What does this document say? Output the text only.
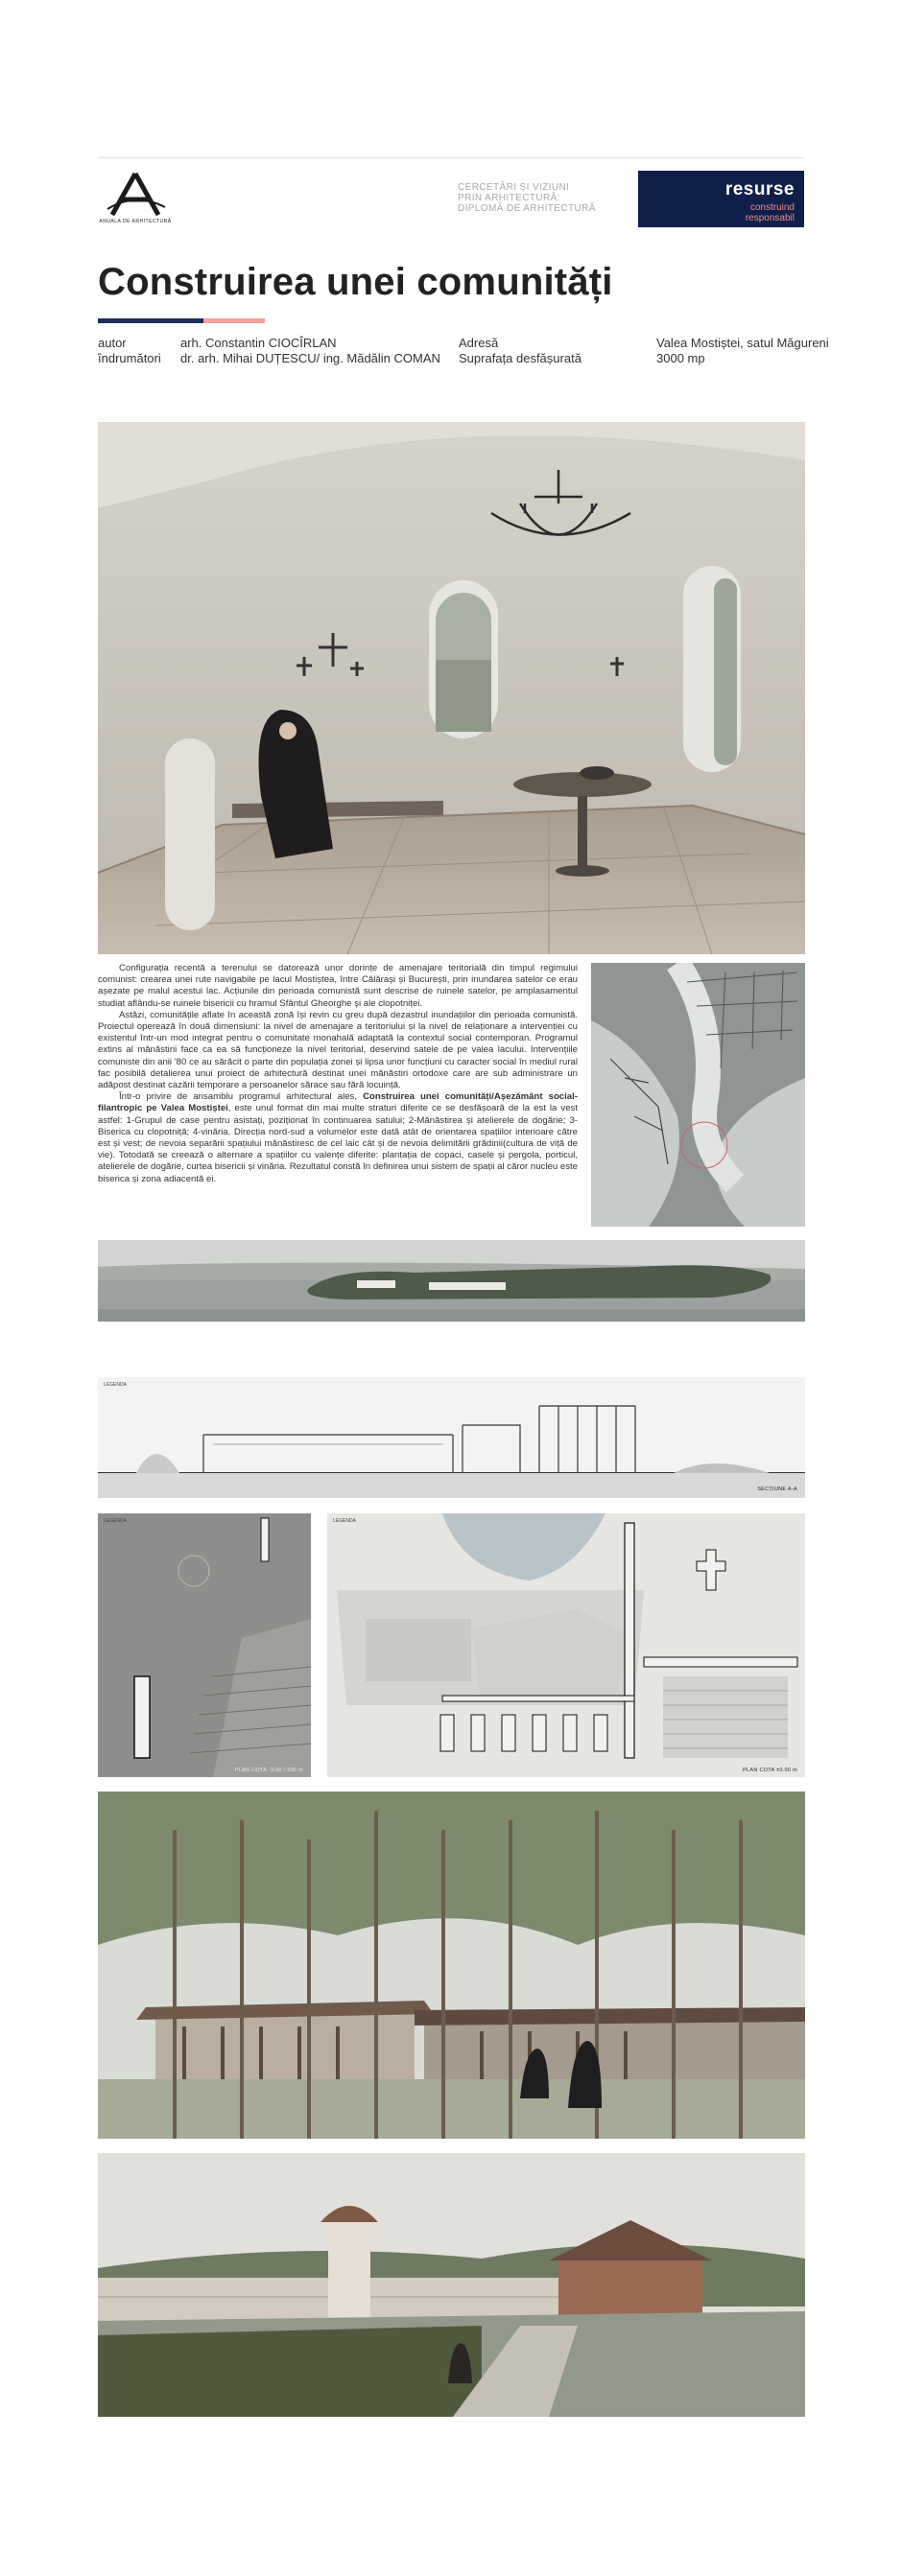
ANUALA DE ARHITECTURĂ
CERCETĂRI ȘI VIZIUNI
PRIN ARHITECTURĂ:
DIPLOMĂ DE ARHITECTURĂ
resurse
construind
responsabil
Construirea unei comunități
autor
îndrumători
arh. Constantin CIOCÎRLAN
dr. arh. Mihai DUȚESCU/ ing. Mădălin COMAN
Adresă
Suprafața desfășurată
Valea Mostiștei, satul Măgureni
3000 mp

Configurația recentă a terenului se datorează unor dorințe de amenajare teritorială din timpul regimului comunist: crearea unei rute navigabile pe lacul Mostiștea, între Călărași și București, prin inundarea satelor ce erau așezate pe malul acestui lac. Acțiunile din perioada comunistă sunt descrise de ruinele satelor, pe amplasamentul studiat aflându-se ruinele bisericii cu hramul Sfântul Gheorghe și ale clopotniței.

Astăzi, comunitățile aflate în această zonă își revin cu greu după dezastrul inundațiilor din perioada comunistă. Proiectul operează în două dimensiuni: la nivel de amenajare a teritoriului și la nivel de relaționare a intervenției cu existentul într-un mod integrat pentru o comunitate monahală adaptată la contextul social contemporan. Programul extins al mănăstirii face ca ea să funcționeze la nivel teritorial, deservind satele de pe valea lacului. Intervențiile comuniste din anii '80 ce au sărăcit o parte din populația zonei și lipsa unor funcțiuni cu caracter social în mediul rural fac posibilă detalierea unui proiect de arhitectură destinat unei mănăstiri ortodoxe care are sub administrare un adăpost destinat cazării temporare a persoanelor sărace sau fără locuință.

Într-o privire de ansamblu programul arhitectural ales, Construirea unei comunități/Așezământ social-filantropic pe Valea Mostiștei, este unul format din mai multe straturi diferite ce se desfășoară de la est la vest astfel: 1-Grupul de case pentru asistați, poziționat în continuarea satului; 2-Mănăstirea și atelierele de dogărie; 3-Biserica cu clopotniță; 4-vinăria. Direcția nord-sud a volumelor este dată atât de orientarea spațiilor interioare către est și vest; de nevoia separării spațiului mănăstiresc de cel laic cât și de nevoia delimitării grădinii(cultura de viță de vie). Totodată se creează o alternare a spațiilor cu valențe diferite: plantația de copaci, casele și pergola, porticul, atelierele de dogărie, curtea bisericii și vinăria. Rezultatul constă în definirea unui sistem de spații al căror nucleu este biserica și zona adiacentă ei.

LEGENDA
SECȚIUNE A-A
LEGENDA
PLAN COTA -3.00 / 200 m
LEGENDA
PLAN COTA ±0.00 m
